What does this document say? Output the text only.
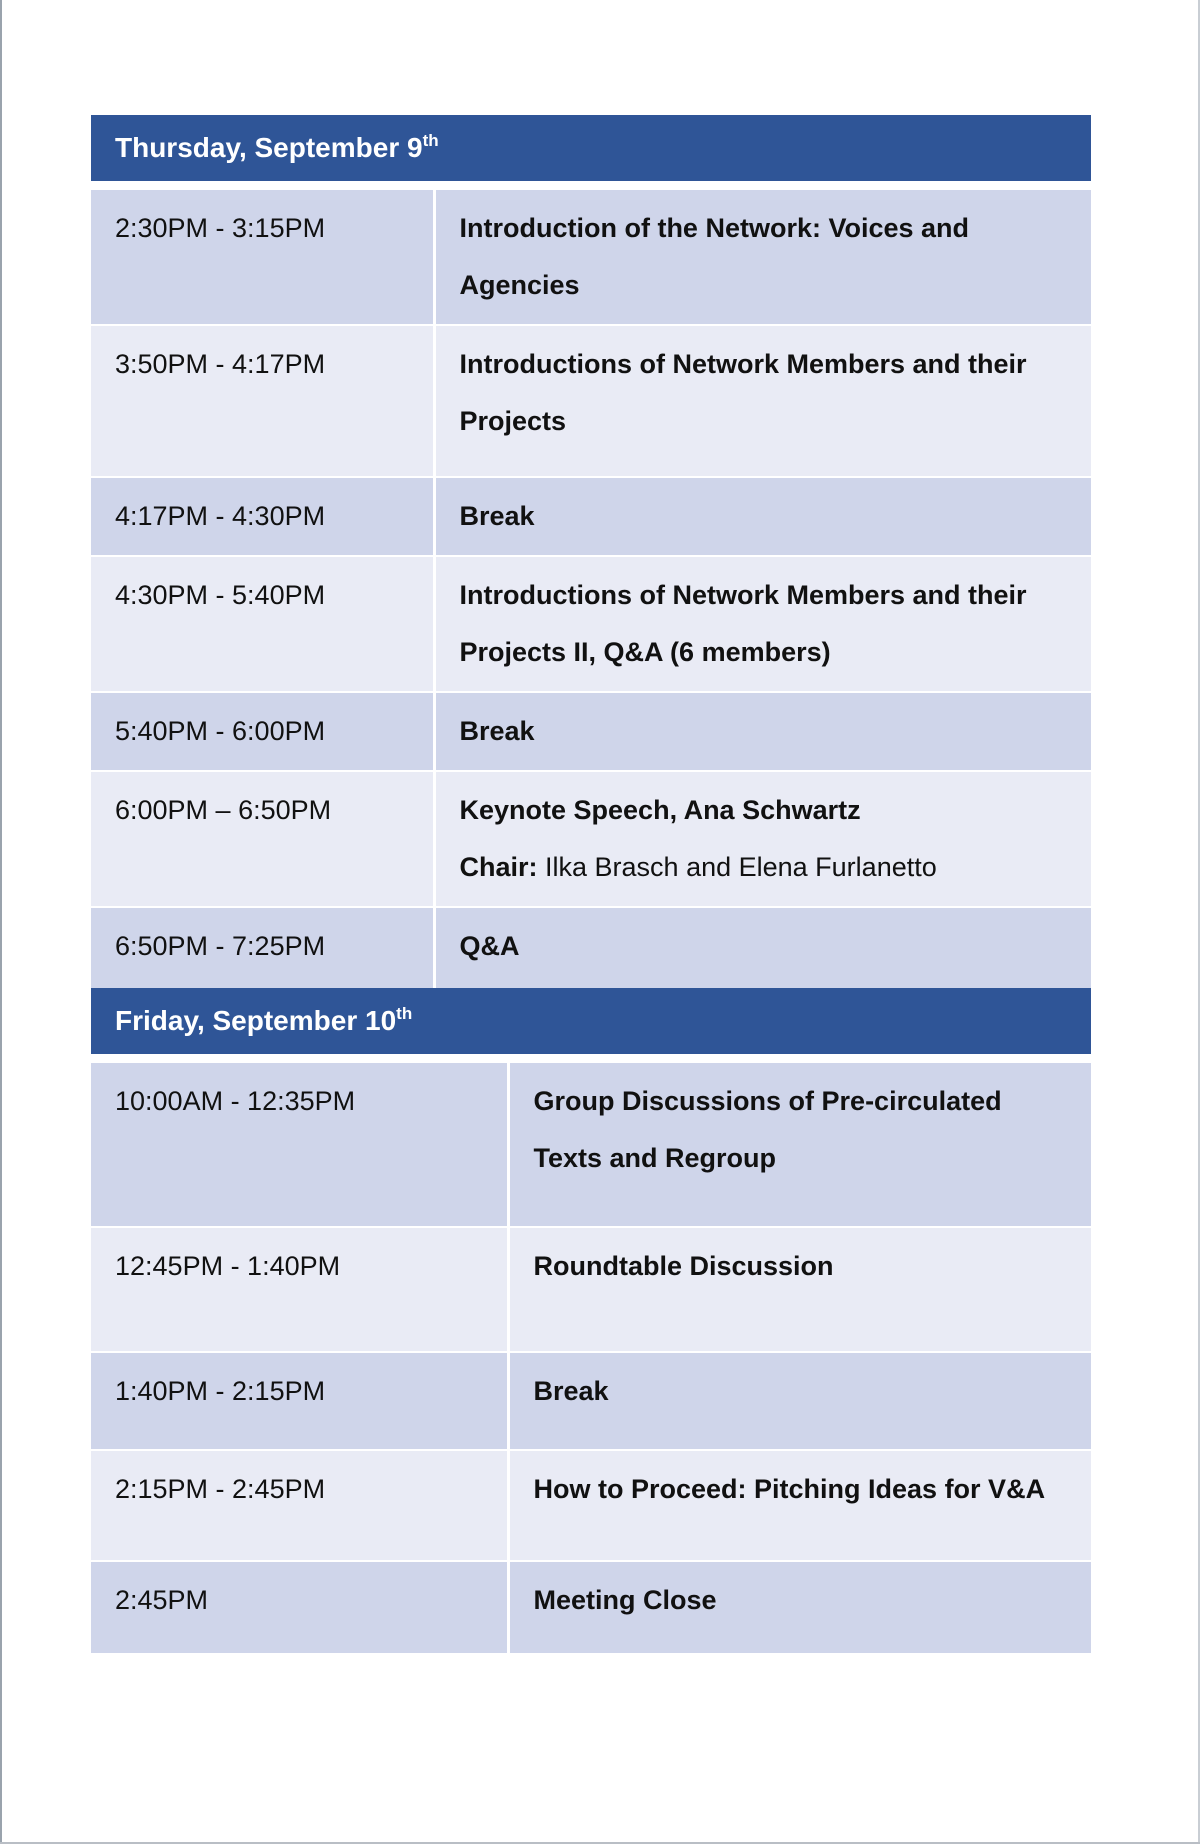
Thursday, September 9th
2:30PM - 3:15PM	Introduction of the Network: Voices and Agencies
3:50PM - 4:17PM	Introductions of Network Members and their Projects
4:17PM - 4:30PM	Break
4:30PM - 5:40PM	Introductions of Network Members and their Projects II, Q&A (6 members)
5:40PM - 6:00PM	Break
6:00PM – 6:50PM	Keynote Speech, Ana Schwartz
Chair: Ilka Brasch and Elena Furlanetto

6:50PM - 7:25PM	Q&A
Friday, September 10th
10:00AM - 12:35PM	Group Discussions of Pre-circulated Texts and Regroup
12:45PM - 1:40PM	Roundtable Discussion
1:40PM - 2:15PM	Break
2:15PM - 2:45PM	How to Proceed: Pitching Ideas for V&A
2:45PM	Meeting Close
